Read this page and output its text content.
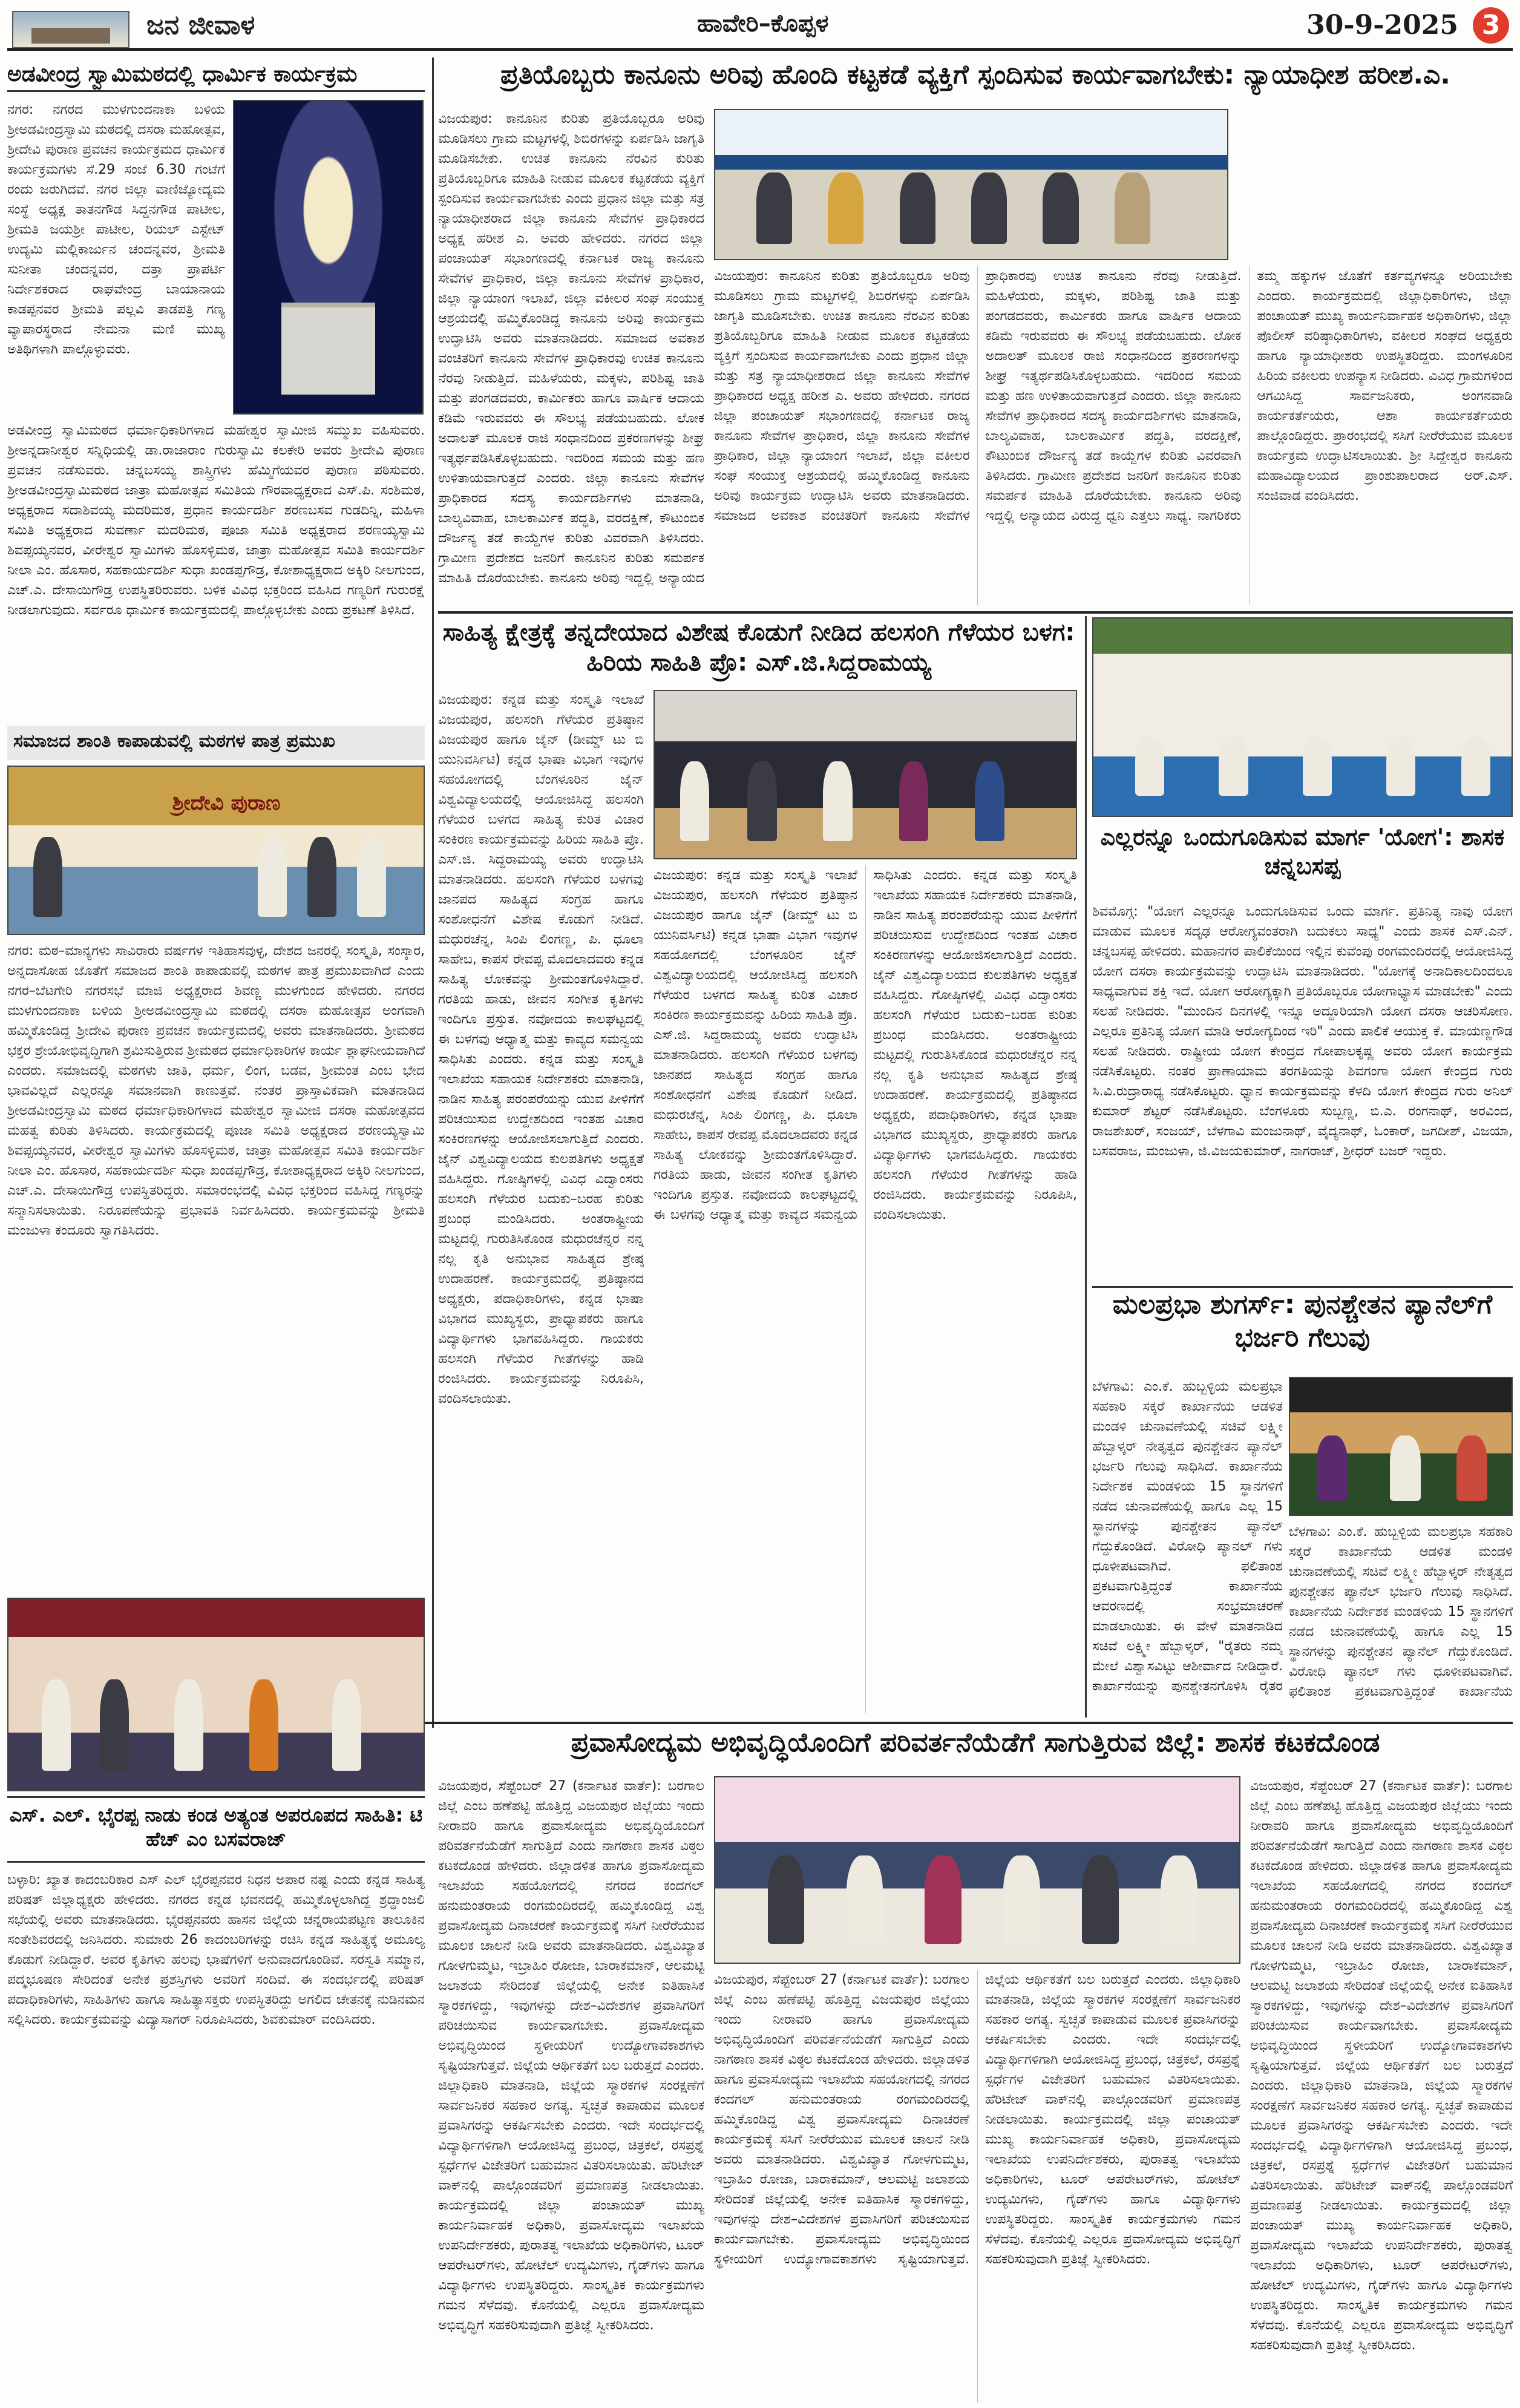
ಜನ ಜೀವಾಳ	ಹಾವೇರಿ–ಕೊಪ್ಪಳ	30-9-2025 3
ಅಡವೀಂದ್ರ ಸ್ವಾಮಿಮಠದಲ್ಲಿ ಧಾರ್ಮಿಕ ಕಾರ್ಯಕ್ರಮ

ನಗರ: ನಗರದ ಮುಳಗುಂದನಾಕಾ ಬಳಿಯ ಶ್ರೀಅಡವೀಂದ್ರಸ್ವಾಮಿ ಮಠದಲ್ಲಿ ದಸರಾ ಮಹೋತ್ಸವ, ಶ್ರೀದೇವಿ ಪುರಾಣ ಪ್ರವಚನ ಕಾರ್ಯಕ್ರಮದ ಧಾರ್ಮಿಕ ಕಾರ್ಯಕ್ರಮಗಳು ಸೆ.29 ಸಂಜೆ 6.30 ಗಂಟೆಗೆ ರಂದು ಜರುಗಿದವೆ. ನಗರ ಜಿಲ್ಲಾ ವಾಣಿಜ್ಯೋದ್ಯಮ ಸಂಸ್ಥೆ ಅಧ್ಯಕ್ಷ ತಾತನಗೌಡ ಸಿದ್ದನಗೌಡ ಪಾಟೀಲ, ಶ್ರೀಮತಿ ಜಯಶ್ರೀ ಪಾಟೀಲ, ರಿಯಲ್ ಎಸ್ಟೇಟ್ ಉದ್ಯಮಿ ಮಲ್ಲಿಕಾರ್ಜುನ ಚಂದನ್ನವರ, ಶ್ರೀಮತಿ ಸುನೀತಾ ಚಂದನ್ನವರ, ದತ್ತಾ ಪ್ರಾಪರ್ಟಿ ನಿರ್ದೇಶಕರಾದ ರಾಘವೇಂದ್ರ ಬಾಯಾನಾಯ ಕಾಡಪ್ಪನವರ ಶ್ರೀಮತಿ ಪಲ್ಲವಿ ತಾಡಪತ್ರಿ ಗಣ್ಯ ವ್ಯಾಪಾರಸ್ಥರಾದ ನೇಮನಾ ಮಣಿ ಮುಖ್ಯ ಅತಿಥಿಗಳಾಗಿ ಪಾಲ್ಗೊಳ್ಳುವರು.

ಅಡವೀಂದ್ರ ಸ್ವಾಮಿಮಠದ ಧರ್ಮಾಧಿಕಾರಿಗಳಾದ ಮಹೇಶ್ವರ ಸ್ವಾಮೀಜಿ ಸಮ್ಮುಖ ವಹಿಸುವರು. ಶ್ರೀಅನ್ನದಾನೀಶ್ವರ ಸನ್ನಿಧಿಯಲ್ಲಿ ಡಾ.ರಾಜಾರಾಂ ಗುರುಸ್ವಾಮಿ ಕಲಕೇರಿ ಅವರು ಶ್ರೀದೇವಿ ಪುರಾಣ ಪ್ರವಚನ ನಡೆಸುವರು. ಚನ್ನಬಸಯ್ಯ ಶಾಸ್ತ್ರಿಗಳು ಹೆಮ್ಮಿಗೆಯವರ ಪುರಾಣ ಪಠಿಸುವರು. ಶ್ರೀಅಡವೀಂದ್ರಸ್ವಾಮಿಮಠದ ಜಾತ್ರಾ ಮಹೋತ್ಸವ ಸಮಿತಿಯ ಗೌರವಾಧ್ಯಕ್ಷರಾದ ಎಸ್.ಪಿ. ಸಂಶಿಮಠ, ಅಧ್ಯಕ್ಷರಾದ ಸದಾಶಿವಯ್ಯ ಮದರಿಮಠ, ಪ್ರಧಾನ ಕಾರ್ಯದರ್ಶಿ ಶರಣಬಸವ ಗುಡದಿನ್ನಿ, ಮಹಿಳಾ ಸಮಿತಿ ಅಧ್ಯಕ್ಷರಾದ ಸುವರ್ಣಾ ಮದರಿಮಠ, ಪೂಜಾ ಸಮಿತಿ ಅಧ್ಯಕ್ಷರಾದ ಶರಣಯ್ಯಸ್ವಾಮಿ ಶಿವಪ್ಪಯ್ಯನವರ, ವೀರೇಶ್ವರ ಸ್ವಾಮಿಗಳು ಹೊಸಳ್ಳಿಮಠ, ಜಾತ್ರಾ ಮಹೋತ್ಸವ ಸಮಿತಿ ಕಾರ್ಯದರ್ಶಿ ನೀಲಾ ಎಂ. ಹೊಸಾರ, ಸಹಕಾರ್ಯದರ್ಶಿ ಸುಧಾ ಖಂಡಪ್ಪಗೌಡ್ರ, ಕೋಶಾಧ್ಯಕ್ಷರಾದ ಅಕ್ಕಿರಿ ನೀಲಗುಂದ, ಎಚ್.ಎ. ದೇಸಾಯಿಗೌಡ್ರ ಉಪಸ್ಥಿತರಿರುವರು. ಬಳಿಕ ವಿವಿಧ ಭಕ್ತರಿಂದ ವಹಿಸಿದ ಗಣ್ಯರಿಗೆ ಗುರುರಕ್ಷೆ ನೀಡಲಾಗುವುದು. ಸರ್ವರೂ ಧಾರ್ಮಿಕ ಕಾರ್ಯಕ್ರಮದಲ್ಲಿ ಪಾಲ್ಗೊಳ್ಳಬೇಕು ಎಂದು ಪ್ರಕಟಣೆ ತಿಳಿಸಿದೆ.

ಸಮಾಜದ ಶಾಂತಿ ಕಾಪಾಡುವಲ್ಲಿ ಮಠಗಳ ಪಾತ್ರ ಪ್ರಮುಖ
ಶ್ರೀದೇವಿ ಪುರಾಣ

ನಗರ: ಮಠ–ಮಾನ್ಯಗಳು ಸಾವಿರಾರು ವರ್ಷಗಳ ಇತಿಹಾಸವುಳ್ಳ, ದೇಶದ ಜನರಲ್ಲಿ ಸಂಸ್ಕೃತಿ, ಸಂಸ್ಕಾರ, ಅನ್ನದಾಸೋಹ ಜೊತೆಗೆ ಸಮಾಜದ ಶಾಂತಿ ಕಾಪಾಡುವಲ್ಲಿ ಮಠಗಳ ಪಾತ್ರ ಪ್ರಮುಖವಾಗಿದೆ ಎಂದು ನಗರ–ಬೆಟಗೇರಿ ನಗರಸಭೆ ಮಾಜಿ ಅಧ್ಯಕ್ಷರಾದ ಶಿವಣ್ಣ ಮುಳಗುಂದ ಹೇಳಿದರು. ನಗರದ ಮುಳಗುಂದನಾಕಾ ಬಳಿಯ ಶ್ರೀಅಡವೀಂದ್ರಸ್ವಾಮಿ ಮಠದಲ್ಲಿ ದಸರಾ ಮಹೋತ್ಸವ ಅಂಗವಾಗಿ ಹಮ್ಮಿಕೊಂಡಿದ್ದ ಶ್ರೀದೇವಿ ಪುರಾಣ ಪ್ರವಚನ ಕಾರ್ಯಕ್ರಮದಲ್ಲಿ ಅವರು ಮಾತನಾಡಿದರು. ಶ್ರೀಮಠದ ಭಕ್ತರ ಶ್ರೇಯೋಭಿವೃದ್ಧಿಗಾಗಿ ಶ್ರಮಿಸುತ್ತಿರುವ ಶ್ರೀಮಠದ ಧರ್ಮಾಧಿಕಾರಿಗಳ ಕಾರ್ಯ ಶ್ಲಾಘನೀಯವಾಗಿದೆ ಎಂದರು. ಸಮಾಜದಲ್ಲಿ ಮಠಗಳು ಜಾತಿ, ಧರ್ಮ, ಲಿಂಗ, ಬಡವ, ಶ್ರೀಮಂತ ಎಂಬ ಭೇದ ಭಾವವಿಲ್ಲದೆ ಎಲ್ಲರನ್ನೂ ಸಮಾನವಾಗಿ ಕಾಣುತ್ತವೆ. ನಂತರ ಪ್ರಾಸ್ತಾವಿಕವಾಗಿ ಮಾತನಾಡಿದ ಶ್ರೀಅಡವೀಂದ್ರಸ್ವಾಮಿ ಮಠದ ಧರ್ಮಾಧಿಕಾರಿಗಳಾದ ಮಹೇಶ್ವರ ಸ್ವಾಮೀಜಿ ದಸರಾ ಮಹೋತ್ಸವದ ಮಹತ್ವ ಕುರಿತು ತಿಳಿಸಿದರು. ಕಾರ್ಯಕ್ರಮದಲ್ಲಿ ಪೂಜಾ ಸಮಿತಿ ಅಧ್ಯಕ್ಷರಾದ ಶರಣಯ್ಯಸ್ವಾಮಿ ಶಿವಪ್ಪಯ್ಯನವರ, ವೀರೇಶ್ವರ ಸ್ವಾಮಿಗಳು ಹೊಸಳ್ಳಿಮಠ, ಜಾತ್ರಾ ಮಹೋತ್ಸವ ಸಮಿತಿ ಕಾರ್ಯದರ್ಶಿ ನೀಲಾ ಎಂ. ಹೊಸಾರ, ಸಹಕಾರ್ಯದರ್ಶಿ ಸುಧಾ ಖಂಡಪ್ಪಗೌಡ್ರ, ಕೋಶಾಧ್ಯಕ್ಷರಾದ ಅಕ್ಕಿರಿ ನೀಲಗುಂದ, ಎಚ್.ಎ. ದೇಸಾಯಿಗೌಡ್ರ ಉಪಸ್ಥಿತರಿದ್ದರು. ಸಮಾರಂಭದಲ್ಲಿ ವಿವಿಧ ಭಕ್ತರಿಂದ ವಹಿಸಿದ್ದ ಗಣ್ಯರನ್ನು ಸನ್ಮಾನಿಸಲಾಯಿತು. ನಿರೂಪಣೆಯನ್ನು ಪ್ರಭಾವತಿ ನಿರ್ವಹಿಸಿದರು. ಕಾರ್ಯಕ್ರಮವನ್ನು ಶ್ರೀಮತಿ ಮಂಜುಳಾ ಕಂದೂರು ಸ್ವಾಗತಿಸಿದರು.

ಎಸ್. ಎಲ್. ಭೈರಪ್ಪ ನಾಡು ಕಂಡ ಅತ್ಯಂತ ಅಪರೂಪದ ಸಾಹಿತಿ: ಟಿ ಹೆಚ್ ಎಂ ಬಸವರಾಜ್

ಬಳ್ಳಾರಿ: ಖ್ಯಾತ ಕಾದಂಬರಿಕಾರ ಎಸ್ ಎಲ್ ಭೈರಪ್ಪನವರ ನಿಧನ ಅಪಾರ ನಷ್ಟ ಎಂದು ಕನ್ನಡ ಸಾಹಿತ್ಯ ಪರಿಷತ್ ಜಿಲ್ಲಾಧ್ಯಕ್ಷರು ಹೇಳಿದರು. ನಗರದ ಕನ್ನಡ ಭವನದಲ್ಲಿ ಹಮ್ಮಿಕೊಳ್ಳಲಾಗಿದ್ದ ಶ್ರದ್ಧಾಂಜಲಿ ಸಭೆಯಲ್ಲಿ ಅವರು ಮಾತನಾಡಿದರು. ಭೈರಪ್ಪನವರು ಹಾಸನ ಜಿಲ್ಲೆಯ ಚನ್ನರಾಯಪಟ್ಟಣ ತಾಲೂಕಿನ ಸಂತೇಶಿವರದಲ್ಲಿ ಜನಿಸಿದರು. ಸುಮಾರು 26 ಕಾದಂಬರಿಗಳನ್ನು ರಚಿಸಿ ಕನ್ನಡ ಸಾಹಿತ್ಯಕ್ಕೆ ಅಮೂಲ್ಯ ಕೊಡುಗೆ ನೀಡಿದ್ದಾರೆ. ಅವರ ಕೃತಿಗಳು ಹಲವು ಭಾಷೆಗಳಿಗೆ ಅನುವಾದಗೊಂಡಿವೆ. ಸರಸ್ವತಿ ಸಮ್ಮಾನ, ಪದ್ಮಭೂಷಣ ಸೇರಿದಂತೆ ಅನೇಕ ಪ್ರಶಸ್ತಿಗಳು ಅವರಿಗೆ ಸಂದಿವೆ. ಈ ಸಂದರ್ಭದಲ್ಲಿ ಪರಿಷತ್ ಪದಾಧಿಕಾರಿಗಳು, ಸಾಹಿತಿಗಳು ಹಾಗೂ ಸಾಹಿತ್ಯಾಸಕ್ತರು ಉಪಸ್ಥಿತರಿದ್ದು ಅಗಲಿದ ಚೇತನಕ್ಕೆ ನುಡಿನಮನ ಸಲ್ಲಿಸಿದರು. ಕಾರ್ಯಕ್ರಮವನ್ನು ವಿದ್ಯಾಸಾಗರ್ ನಿರೂಪಿಸಿದರು, ಶಿವಕುಮಾರ್ ವಂದಿಸಿದರು.

ಪ್ರತಿಯೊಬ್ಬರು ಕಾನೂನು ಅರಿವು ಹೊಂದಿ ಕಟ್ಟಕಡೆ ವ್ಯಕ್ತಿಗೆ ಸ್ಪಂದಿಸುವ ಕಾರ್ಯವಾಗಬೇಕು: ನ್ಯಾಯಾಧೀಶ ಹರೀಶ.ಎ.

ವಿಜಯಪುರ: ಕಾನೂನಿನ ಕುರಿತು ಪ್ರತಿಯೊಬ್ಬರೂ ಅರಿವು ಮೂಡಿಸಲು ಗ್ರಾಮ ಮಟ್ಟಗಳಲ್ಲಿ ಶಿಬಿರಗಳನ್ನು ಏರ್ಪಡಿಸಿ ಜಾಗೃತಿ ಮೂಡಿಸಬೇಕು. ಉಚಿತ ಕಾನೂನು ನೆರವಿನ ಕುರಿತು ಪ್ರತಿಯೊಬ್ಬರಿಗೂ ಮಾಹಿತಿ ನೀಡುವ ಮೂಲಕ ಕಟ್ಟಕಡೆಯ ವ್ಯಕ್ತಿಗೆ ಸ್ಪಂದಿಸುವ ಕಾರ್ಯವಾಗಬೇಕು ಎಂದು ಪ್ರಧಾನ ಜಿಲ್ಲಾ ಮತ್ತು ಸತ್ರ ನ್ಯಾಯಾಧೀಶರಾದ ಜಿಲ್ಲಾ ಕಾನೂನು ಸೇವೆಗಳ ಪ್ರಾಧಿಕಾರದ ಅಧ್ಯಕ್ಷ ಹರೀಶ ಎ. ಅವರು ಹೇಳಿದರು. ನಗರದ ಜಿಲ್ಲಾ ಪಂಚಾಯತ್ ಸಭಾಂಗಣದಲ್ಲಿ ಕರ್ನಾಟಕ ರಾಜ್ಯ ಕಾನೂನು ಸೇವೆಗಳ ಪ್ರಾಧಿಕಾರ, ಜಿಲ್ಲಾ ಕಾನೂನು ಸೇವೆಗಳ ಪ್ರಾಧಿಕಾರ, ಜಿಲ್ಲಾ ನ್ಯಾಯಾಂಗ ಇಲಾಖೆ, ಜಿಲ್ಲಾ ವಕೀಲರ ಸಂಘ ಸಂಯುಕ್ತ ಆಶ್ರಯದಲ್ಲಿ ಹಮ್ಮಿಕೊಂಡಿದ್ದ ಕಾನೂನು ಅರಿವು ಕಾರ್ಯಕ್ರಮ ಉದ್ಘಾಟಿಸಿ ಅವರು ಮಾತನಾಡಿದರು. ಸಮಾಜದ ಅವಕಾಶ ವಂಚಿತರಿಗೆ ಕಾನೂನು ಸೇವೆಗಳ ಪ್ರಾಧಿಕಾರವು ಉಚಿತ ಕಾನೂನು ನೆರವು ನೀಡುತ್ತಿದೆ. ಮಹಿಳೆಯರು, ಮಕ್ಕಳು, ಪರಿಶಿಷ್ಟ ಜಾತಿ ಮತ್ತು ಪಂಗಡದವರು, ಕಾರ್ಮಿಕರು ಹಾಗೂ ವಾರ್ಷಿಕ ಆದಾಯ ಕಡಿಮೆ ಇರುವವರು ಈ ಸೌಲಭ್ಯ ಪಡೆಯಬಹುದು. ಲೋಕ ಅದಾಲತ್ ಮೂಲಕ ರಾಜಿ ಸಂಧಾನದಿಂದ ಪ್ರಕರಣಗಳನ್ನು ಶೀಘ್ರ ಇತ್ಯರ್ಥಪಡಿಸಿಕೊಳ್ಳಬಹುದು. ಇದರಿಂದ ಸಮಯ ಮತ್ತು ಹಣ ಉಳಿತಾಯವಾಗುತ್ತದೆ ಎಂದರು. ಜಿಲ್ಲಾ ಕಾನೂನು ಸೇವೆಗಳ ಪ್ರಾಧಿಕಾರದ ಸದಸ್ಯ ಕಾರ್ಯದರ್ಶಿಗಳು ಮಾತನಾಡಿ, ಬಾಲ್ಯವಿವಾಹ, ಬಾಲಕಾರ್ಮಿಕ ಪದ್ಧತಿ, ವರದಕ್ಷಿಣೆ, ಕೌಟುಂಬಿಕ ದೌರ್ಜನ್ಯ ತಡೆ ಕಾಯ್ದೆಗಳ ಕುರಿತು ವಿವರವಾಗಿ ತಿಳಿಸಿದರು. ಗ್ರಾಮೀಣ ಪ್ರದೇಶದ ಜನರಿಗೆ ಕಾನೂನಿನ ಕುರಿತು ಸಮರ್ಪಕ ಮಾಹಿತಿ ದೊರೆಯಬೇಕು. ಕಾನೂನು ಅರಿವು ಇದ್ದಲ್ಲಿ ಅನ್ಯಾಯದ

ವಿಜಯಪುರ: ಕಾನೂನಿನ ಕುರಿತು ಪ್ರತಿಯೊಬ್ಬರೂ ಅರಿವು ಮೂಡಿಸಲು ಗ್ರಾಮ ಮಟ್ಟಗಳಲ್ಲಿ ಶಿಬಿರಗಳನ್ನು ಏರ್ಪಡಿಸಿ ಜಾಗೃತಿ ಮೂಡಿಸಬೇಕು. ಉಚಿತ ಕಾನೂನು ನೆರವಿನ ಕುರಿತು ಪ್ರತಿಯೊಬ್ಬರಿಗೂ ಮಾಹಿತಿ ನೀಡುವ ಮೂಲಕ ಕಟ್ಟಕಡೆಯ ವ್ಯಕ್ತಿಗೆ ಸ್ಪಂದಿಸುವ ಕಾರ್ಯವಾಗಬೇಕು ಎಂದು ಪ್ರಧಾನ ಜಿಲ್ಲಾ ಮತ್ತು ಸತ್ರ ನ್ಯಾಯಾಧೀಶರಾದ ಜಿಲ್ಲಾ ಕಾನೂನು ಸೇವೆಗಳ ಪ್ರಾಧಿಕಾರದ ಅಧ್ಯಕ್ಷ ಹರೀಶ ಎ. ಅವರು ಹೇಳಿದರು. ನಗರದ ಜಿಲ್ಲಾ ಪಂಚಾಯತ್ ಸಭಾಂಗಣದಲ್ಲಿ ಕರ್ನಾಟಕ ರಾಜ್ಯ ಕಾನೂನು ಸೇವೆಗಳ ಪ್ರಾಧಿಕಾರ, ಜಿಲ್ಲಾ ಕಾನೂನು ಸೇವೆಗಳ ಪ್ರಾಧಿಕಾರ, ಜಿಲ್ಲಾ ನ್ಯಾಯಾಂಗ ಇಲಾಖೆ, ಜಿಲ್ಲಾ ವಕೀಲರ ಸಂಘ ಸಂಯುಕ್ತ ಆಶ್ರಯದಲ್ಲಿ ಹಮ್ಮಿಕೊಂಡಿದ್ದ ಕಾನೂನು ಅರಿವು ಕಾರ್ಯಕ್ರಮ ಉದ್ಘಾಟಿಸಿ ಅವರು ಮಾತನಾಡಿದರು. ಸಮಾಜದ ಅವಕಾಶ ವಂಚಿತರಿಗೆ ಕಾನೂನು ಸೇವೆಗಳ ಪ್ರಾಧಿಕಾರವು ಉಚಿತ ಕಾನೂನು ನೆರವು ನೀಡುತ್ತಿದೆ. ಮಹಿಳೆಯರು, ಮಕ್ಕಳು, ಪರಿಶಿಷ್ಟ ಜಾತಿ ಮತ್ತು ಪಂಗಡದವರು, ಕಾರ್ಮಿಕರು ಹಾಗೂ ವಾರ್ಷಿಕ ಆದಾಯ ಕಡಿಮೆ ಇರುವವರು ಈ ಸೌಲಭ್ಯ ಪಡೆಯಬಹುದು. ಲೋಕ ಅದಾಲತ್ ಮೂಲಕ ರಾಜಿ ಸಂಧಾನದಿಂದ ಪ್ರಕರಣಗಳನ್ನು ಶೀಘ್ರ ಇತ್ಯರ್ಥಪಡಿಸಿಕೊಳ್ಳಬಹುದು. ಇದರಿಂದ ಸಮಯ ಮತ್ತು ಹಣ ಉಳಿತಾಯವಾಗುತ್ತದೆ ಎಂದರು. ಜಿಲ್ಲಾ ಕಾನೂನು ಸೇವೆಗಳ ಪ್ರಾಧಿಕಾರದ ಸದಸ್ಯ ಕಾರ್ಯದರ್ಶಿಗಳು ಮಾತನಾಡಿ, ಬಾಲ್ಯವಿವಾಹ, ಬಾಲಕಾರ್ಮಿಕ ಪದ್ಧತಿ, ವರದಕ್ಷಿಣೆ, ಕೌಟುಂಬಿಕ ದೌರ್ಜನ್ಯ ತಡೆ ಕಾಯ್ದೆಗಳ ಕುರಿತು ವಿವರವಾಗಿ ತಿಳಿಸಿದರು. ಗ್ರಾಮೀಣ ಪ್ರದೇಶದ ಜನರಿಗೆ ಕಾನೂನಿನ ಕುರಿತು ಸಮರ್ಪಕ ಮಾಹಿತಿ ದೊರೆಯಬೇಕು. ಕಾನೂನು ಅರಿವು ಇದ್ದಲ್ಲಿ ಅನ್ಯಾಯದ ವಿರುದ್ಧ ಧ್ವನಿ ಎತ್ತಲು ಸಾಧ್ಯ. ನಾಗರಿಕರು ತಮ್ಮ ಹಕ್ಕುಗಳ ಜೊತೆಗೆ ಕರ್ತವ್ಯಗಳನ್ನೂ ಅರಿಯಬೇಕು ಎಂದರು. ಕಾರ್ಯಕ್ರಮದಲ್ಲಿ ಜಿಲ್ಲಾಧಿಕಾರಿಗಳು, ಜಿಲ್ಲಾ ಪಂಚಾಯತ್ ಮುಖ್ಯ ಕಾರ್ಯನಿರ್ವಾಹಕ ಅಧಿಕಾರಿಗಳು, ಜಿಲ್ಲಾ ಪೊಲೀಸ್ ವರಿಷ್ಠಾಧಿಕಾರಿಗಳು, ವಕೀಲರ ಸಂಘದ ಅಧ್ಯಕ್ಷರು ಹಾಗೂ ನ್ಯಾಯಾಧೀಶರು ಉಪಸ್ಥಿತರಿದ್ದರು. ಮಂಗಳೂರಿನ ಹಿರಿಯ ವಕೀಲರು ಉಪನ್ಯಾಸ ನೀಡಿದರು. ವಿವಿಧ ಗ್ರಾಮಗಳಿಂದ ಆಗಮಿಸಿದ್ದ ಸಾರ್ವಜನಿಕರು, ಅಂಗನವಾಡಿ ಕಾರ್ಯಕರ್ತೆಯರು, ಆಶಾ ಕಾರ್ಯಕರ್ತೆಯರು ಪಾಲ್ಗೊಂಡಿದ್ದರು. ಪ್ರಾರಂಭದಲ್ಲಿ ಸಸಿಗೆ ನೀರೆರೆಯುವ ಮೂಲಕ ಕಾರ್ಯಕ್ರಮ ಉದ್ಘಾಟಿಸಲಾಯಿತು. ಶ್ರೀ ಸಿದ್ದೇಶ್ವರ ಕಾನೂನು ಮಹಾವಿದ್ಯಾಲಯದ ಪ್ರಾಂಶುಪಾಲರಾದ ಅರ್.ಎಸ್. ಸಂಜಿವಾಡ ವಂದಿಸಿದರು.

ಸಾಹಿತ್ಯ ಕ್ಷೇತ್ರಕ್ಕೆ ತನ್ನದೇಯಾದ ವಿಶೇಷ ಕೊಡುಗೆ ನೀಡಿದ ಹಲಸಂಗಿ ಗೆಳೆಯರ ಬಳಗ: ಹಿರಿಯ ಸಾಹಿತಿ ಪ್ರೊ: ಎಸ್.ಜಿ.ಸಿದ್ದರಾಮಯ್ಯ

ವಿಜಯಪುರ: ಕನ್ನಡ ಮತ್ತು ಸಂಸ್ಕೃತಿ ಇಲಾಖೆ ವಿಜಯಪುರ, ಹಲಸಂಗಿ ಗೆಳೆಯರ ಪ್ರತಿಷ್ಠಾನ ವಿಜಯಪುರ ಹಾಗೂ ಜೈನ್ (ಡೀಮ್ಡ್ ಟು ಬಿ ಯುನಿವರ್ಸಿಟಿ) ಕನ್ನಡ ಭಾಷಾ ವಿಭಾಗ ಇವುಗಳ ಸಹಯೋಗದಲ್ಲಿ ಬೆಂಗಳೂರಿನ ಜೈನ್ ವಿಶ್ವವಿದ್ಯಾಲಯದಲ್ಲಿ ಆಯೋಜಿಸಿದ್ದ ಹಲಸಂಗಿ ಗೆಳೆಯರ ಬಳಗದ ಸಾಹಿತ್ಯ ಕುರಿತ ವಿಚಾರ ಸಂಕಿರಣ ಕಾರ್ಯಕ್ರಮವನ್ನು ಹಿರಿಯ ಸಾಹಿತಿ ಪ್ರೊ. ಎಸ್.ಜಿ. ಸಿದ್ದರಾಮಯ್ಯ ಅವರು ಉದ್ಘಾಟಿಸಿ ಮಾತನಾಡಿದರು. ಹಲಸಂಗಿ ಗೆಳೆಯರ ಬಳಗವು ಜಾನಪದ ಸಾಹಿತ್ಯದ ಸಂಗ್ರಹ ಹಾಗೂ ಸಂಶೋಧನೆಗೆ ವಿಶೇಷ ಕೊಡುಗೆ ನೀಡಿದೆ. ಮಧುರಚೆನ್ನ, ಸಿಂಪಿ ಲಿಂಗಣ್ಣ, ಪಿ. ಧೂಲಾ ಸಾಹೇಬ, ಕಾಪಸೆ ರೇವಪ್ಪ ಮೊದಲಾದವರು ಕನ್ನಡ ಸಾಹಿತ್ಯ ಲೋಕವನ್ನು ಶ್ರೀಮಂತಗೊಳಿಸಿದ್ದಾರೆ. ಗರತಿಯ ಹಾಡು, ಜೀವನ ಸಂಗೀತ ಕೃತಿಗಳು ಇಂದಿಗೂ ಪ್ರಸ್ತುತ. ನವೋದಯ ಕಾಲಘಟ್ಟದಲ್ಲಿ ಈ ಬಳಗವು ಆಧ್ಯಾತ್ಮ ಮತ್ತು ಕಾವ್ಯದ ಸಮನ್ವಯ ಸಾಧಿಸಿತು ಎಂದರು. ಕನ್ನಡ ಮತ್ತು ಸಂಸ್ಕೃತಿ ಇಲಾಖೆಯ ಸಹಾಯಕ ನಿರ್ದೇಶಕರು ಮಾತನಾಡಿ, ನಾಡಿನ ಸಾಹಿತ್ಯ ಪರಂಪರೆಯನ್ನು ಯುವ ಪೀಳಿಗೆಗೆ ಪರಿಚಯಿಸುವ ಉದ್ದೇಶದಿಂದ ಇಂತಹ ವಿಚಾರ ಸಂಕಿರಣಗಳನ್ನು ಆಯೋಜಿಸಲಾಗುತ್ತಿದೆ ಎಂದರು. ಜೈನ್ ವಿಶ್ವವಿದ್ಯಾಲಯದ ಕುಲಪತಿಗಳು ಅಧ್ಯಕ್ಷತೆ ವಹಿಸಿದ್ದರು. ಗೋಷ್ಠಿಗಳಲ್ಲಿ ವಿವಿಧ ವಿದ್ವಾಂಸರು ಹಲಸಂಗಿ ಗೆಳೆಯರ ಬದುಕು–ಬರಹ ಕುರಿತು ಪ್ರಬಂಧ ಮಂಡಿಸಿದರು. ಅಂತರಾಷ್ಟ್ರೀಯ ಮಟ್ಟದಲ್ಲಿ ಗುರುತಿಸಿಕೊಂಡ ಮಧುರಚೆನ್ನರ ನನ್ನ ನಲ್ಲ ಕೃತಿ ಅನುಭಾವ ಸಾಹಿತ್ಯದ ಶ್ರೇಷ್ಠ ಉದಾಹರಣೆ. ಕಾರ್ಯಕ್ರಮದಲ್ಲಿ ಪ್ರತಿಷ್ಠಾನದ ಅಧ್ಯಕ್ಷರು, ಪದಾಧಿಕಾರಿಗಳು, ಕನ್ನಡ ಭಾಷಾ ವಿಭಾಗದ ಮುಖ್ಯಸ್ಥರು, ಪ್ರಾಧ್ಯಾಪಕರು ಹಾಗೂ ವಿದ್ಯಾರ್ಥಿಗಳು ಭಾಗವಹಿಸಿದ್ದರು. ಗಾಯಕರು ಹಲಸಂಗಿ ಗೆಳೆಯರ ಗೀತೆಗಳನ್ನು ಹಾಡಿ ರಂಜಿಸಿದರು. ಕಾರ್ಯಕ್ರಮವನ್ನು ನಿರೂಪಿಸಿ, ವಂದಿಸಲಾಯಿತು.

ವಿಜಯಪುರ: ಕನ್ನಡ ಮತ್ತು ಸಂಸ್ಕೃತಿ ಇಲಾಖೆ ವಿಜಯಪುರ, ಹಲಸಂಗಿ ಗೆಳೆಯರ ಪ್ರತಿಷ್ಠಾನ ವಿಜಯಪುರ ಹಾಗೂ ಜೈನ್ (ಡೀಮ್ಡ್ ಟು ಬಿ ಯುನಿವರ್ಸಿಟಿ) ಕನ್ನಡ ಭಾಷಾ ವಿಭಾಗ ಇವುಗಳ ಸಹಯೋಗದಲ್ಲಿ ಬೆಂಗಳೂರಿನ ಜೈನ್ ವಿಶ್ವವಿದ್ಯಾಲಯದಲ್ಲಿ ಆಯೋಜಿಸಿದ್ದ ಹಲಸಂಗಿ ಗೆಳೆಯರ ಬಳಗದ ಸಾಹಿತ್ಯ ಕುರಿತ ವಿಚಾರ ಸಂಕಿರಣ ಕಾರ್ಯಕ್ರಮವನ್ನು ಹಿರಿಯ ಸಾಹಿತಿ ಪ್ರೊ. ಎಸ್.ಜಿ. ಸಿದ್ದರಾಮಯ್ಯ ಅವರು ಉದ್ಘಾಟಿಸಿ ಮಾತನಾಡಿದರು. ಹಲಸಂಗಿ ಗೆಳೆಯರ ಬಳಗವು ಜಾನಪದ ಸಾಹಿತ್ಯದ ಸಂಗ್ರಹ ಹಾಗೂ ಸಂಶೋಧನೆಗೆ ವಿಶೇಷ ಕೊಡುಗೆ ನೀಡಿದೆ. ಮಧುರಚೆನ್ನ, ಸಿಂಪಿ ಲಿಂಗಣ್ಣ, ಪಿ. ಧೂಲಾ ಸಾಹೇಬ, ಕಾಪಸೆ ರೇವಪ್ಪ ಮೊದಲಾದವರು ಕನ್ನಡ ಸಾಹಿತ್ಯ ಲೋಕವನ್ನು ಶ್ರೀಮಂತಗೊಳಿಸಿದ್ದಾರೆ. ಗರತಿಯ ಹಾಡು, ಜೀವನ ಸಂಗೀತ ಕೃತಿಗಳು ಇಂದಿಗೂ ಪ್ರಸ್ತುತ. ನವೋದಯ ಕಾಲಘಟ್ಟದಲ್ಲಿ ಈ ಬಳಗವು ಆಧ್ಯಾತ್ಮ ಮತ್ತು ಕಾವ್ಯದ ಸಮನ್ವಯ ಸಾಧಿಸಿತು ಎಂದರು. ಕನ್ನಡ ಮತ್ತು ಸಂಸ್ಕೃತಿ ಇಲಾಖೆಯ ಸಹಾಯಕ ನಿರ್ದೇಶಕರು ಮಾತನಾಡಿ, ನಾಡಿನ ಸಾಹಿತ್ಯ ಪರಂಪರೆಯನ್ನು ಯುವ ಪೀಳಿಗೆಗೆ ಪರಿಚಯಿಸುವ ಉದ್ದೇಶದಿಂದ ಇಂತಹ ವಿಚಾರ ಸಂಕಿರಣಗಳನ್ನು ಆಯೋಜಿಸಲಾಗುತ್ತಿದೆ ಎಂದರು. ಜೈನ್ ವಿಶ್ವವಿದ್ಯಾಲಯದ ಕುಲಪತಿಗಳು ಅಧ್ಯಕ್ಷತೆ ವಹಿಸಿದ್ದರು. ಗೋಷ್ಠಿಗಳಲ್ಲಿ ವಿವಿಧ ವಿದ್ವಾಂಸರು ಹಲಸಂಗಿ ಗೆಳೆಯರ ಬದುಕು–ಬರಹ ಕುರಿತು ಪ್ರಬಂಧ ಮಂಡಿಸಿದರು. ಅಂತರಾಷ್ಟ್ರೀಯ ಮಟ್ಟದಲ್ಲಿ ಗುರುತಿಸಿಕೊಂಡ ಮಧುರಚೆನ್ನರ ನನ್ನ ನಲ್ಲ ಕೃತಿ ಅನುಭಾವ ಸಾಹಿತ್ಯದ ಶ್ರೇಷ್ಠ ಉದಾಹರಣೆ. ಕಾರ್ಯಕ್ರಮದಲ್ಲಿ ಪ್ರತಿಷ್ಠಾನದ ಅಧ್ಯಕ್ಷರು, ಪದಾಧಿಕಾರಿಗಳು, ಕನ್ನಡ ಭಾಷಾ ವಿಭಾಗದ ಮುಖ್ಯಸ್ಥರು, ಪ್ರಾಧ್ಯಾಪಕರು ಹಾಗೂ ವಿದ್ಯಾರ್ಥಿಗಳು ಭಾಗವಹಿಸಿದ್ದರು. ಗಾಯಕರು ಹಲಸಂಗಿ ಗೆಳೆಯರ ಗೀತೆಗಳನ್ನು ಹಾಡಿ ರಂಜಿಸಿದರು. ಕಾರ್ಯಕ್ರಮವನ್ನು ನಿರೂಪಿಸಿ, ವಂದಿಸಲಾಯಿತು.

ಎಲ್ಲರನ್ನೂ ಒಂದುಗೂಡಿಸುವ ಮಾರ್ಗ 'ಯೋಗ': ಶಾಸಕ ಚನ್ನಬಸಪ್ಪ

ಶಿವಮೊಗ್ಗ: "ಯೋಗ ಎಲ್ಲರನ್ನೂ ಒಂದುಗೂಡಿಸುವ ಒಂದು ಮಾರ್ಗ. ಪ್ರತಿನಿತ್ಯ ನಾವು ಯೋಗ ಮಾಡುವ ಮೂಲಕ ಸದೃಢ ಆರೋಗ್ಯವಂತರಾಗಿ ಬದುಕಲು ಸಾಧ್ಯ" ಎಂದು ಶಾಸಕ ಎಸ್.ಎನ್. ಚನ್ನಬಸಪ್ಪ ಹೇಳಿದರು. ಮಹಾನಗರ ಪಾಲಿಕೆಯಿಂದ ಇಲ್ಲಿನ ಕುವೆಂಪು ರಂಗಮಂದಿರದಲ್ಲಿ ಆಯೋಜಿಸಿದ್ದ ಯೋಗ ದಸರಾ ಕಾರ್ಯಕ್ರಮವನ್ನು ಉದ್ಘಾಟಿಸಿ ಮಾತನಾಡಿದರು. "ಯೋಗಕ್ಕೆ ಅನಾದಿಕಾಲದಿಂದಲೂ ಸಾಧ್ಯವಾಗುವ ಶಕ್ತಿ ಇದೆ. ಯೋಗ ಆರೋಗ್ಯಕ್ಕಾಗಿ ಪ್ರತಿಯೊಬ್ಬರೂ ಯೋಗಾಭ್ಯಾಸ ಮಾಡಬೇಕು" ಎಂದು ಸಲಹೆ ನೀಡಿದರು. "ಮುಂದಿನ ದಿನಗಳಲ್ಲಿ ಇನ್ನೂ ಅದ್ದೂರಿಯಾಗಿ ಯೋಗ ದಸರಾ ಆಚರಿಸೋಣ. ಎಲ್ಲರೂ ಪ್ರತಿನಿತ್ಯ ಯೋಗ ಮಾಡಿ ಆರೋಗ್ಯದಿಂದ ಇರಿ" ಎಂದು ಪಾಲಿಕೆ ಆಯುಕ್ತ ಕೆ. ಮಾಯಣ್ಣಗೌಡ ಸಲಹೆ ನೀಡಿದರು. ರಾಷ್ಟ್ರೀಯ ಯೋಗ ಕೇಂದ್ರದ ಗೋಪಾಲಕೃಷ್ಣ ಅವರು ಯೋಗ ಕಾರ್ಯಕ್ರಮ ನಡೆಸಿಕೊಟ್ಟರು. ನಂತರ ಪ್ರಾಣಾಯಾಮ ತರಗತಿಯನ್ನು ಶಿವಗಂಗಾ ಯೋಗ ಕೇಂದ್ರದ ಗುರು ಸಿ.ವಿ.ರುದ್ರಾರಾಧ್ಯ ನಡೆಸಿಕೊಟ್ಟರು. ಧ್ಯಾನ ಕಾರ್ಯಕ್ರಮವನ್ನು ಕೆಳದಿ ಯೋಗ ಕೇಂದ್ರದ ಗುರು ಅನಿಲ್ ಕುಮಾರ್ ಶೆಟ್ಟರ್ ನಡೆಸಿಕೊಟ್ಟರು. ಬೆಂಗಳೂರು ಸುಬ್ಬಣ್ಣ, ಬಿ.ಎ. ರಂಗನಾಥ್, ಅರವಿಂದ, ರಾಜಶೇಖರ್, ಸಂಜಯ್, ಬೆಳಗಾವಿ ಮಂಜುನಾಥ್, ವೈದ್ಯನಾಥ್, ಓಂಕಾರ್, ಜಗದೀಶ್, ವಿಜಯಾ, ಬಸವರಾಜ, ಮಂಜುಳಾ, ಜಿ.ವಿಜಯಕುಮಾರ್, ನಾಗರಾಜ್, ಶ್ರೀಧರ್ ಬಜರ್ ಇದ್ದರು.

ಮಲಪ್ರಭಾ ಶುಗರ್ಸ್: ಪುನಶ್ಚೇತನ ಪ್ಯಾನೆಲ್‌ಗೆ ಭರ್ಜರಿ ಗೆಲುವು

ಬೆಳಗಾವಿ: ಎಂ.ಕೆ. ಹುಬ್ಬಳ್ಳಿಯ ಮಲಪ್ರಭಾ ಸಹಕಾರಿ ಸಕ್ಕರೆ ಕಾರ್ಖಾನೆಯ ಆಡಳಿತ ಮಂಡಳಿ ಚುನಾವಣೆಯಲ್ಲಿ ಸಚಿವೆ ಲಕ್ಷ್ಮೀ ಹೆಬ್ಬಾಳ್ಕರ್ ನೇತೃತ್ವದ ಪುನಶ್ಚೇತನ ಪ್ಯಾನೆಲ್ ಭರ್ಜರಿ ಗೆಲುವು ಸಾಧಿಸಿದೆ. ಕಾರ್ಖಾನೆಯ ನಿರ್ದೇಶಕ ಮಂಡಳಿಯ 15 ಸ್ಥಾನಗಳಿಗೆ ನಡೆದ ಚುನಾವಣೆಯಲ್ಲಿ ಹಾಗೂ ಎಲ್ಲ 15 ಸ್ಥಾನಗಳನ್ನು ಪುನಶ್ಚೇತನ ಪ್ಯಾನೆಲ್ ಗೆದ್ದುಕೊಂಡಿದೆ. ವಿರೋಧಿ ಪ್ಯಾನಲ್ ಗಳು ಧೂಳೀಪಟವಾಗಿವೆ. ಫಲಿತಾಂಶ ಪ್ರಕಟವಾಗುತ್ತಿದ್ದಂತೆ ಕಾರ್ಖಾನೆಯ ಆವರಣದಲ್ಲಿ ಸಂಭ್ರಮಾಚರಣೆ ಮಾಡಲಾಯಿತು. ಈ ವೇಳೆ ಮಾತನಾಡಿದ ಸಚಿವೆ ಲಕ್ಷ್ಮೀ ಹೆಬ್ಬಾಳ್ಕರ್, "ರೈತರು ನಮ್ಮ ಮೇಲೆ ವಿಶ್ವಾಸವಿಟ್ಟು ಆಶೀರ್ವಾದ ನೀಡಿದ್ದಾರೆ. ಕಾರ್ಖಾನೆಯನ್ನು ಪುನಶ್ಚೇತನಗೊಳಿಸಿ ರೈತರ

ಬೆಳಗಾವಿ: ಎಂ.ಕೆ. ಹುಬ್ಬಳ್ಳಿಯ ಮಲಪ್ರಭಾ ಸಹಕಾರಿ ಸಕ್ಕರೆ ಕಾರ್ಖಾನೆಯ ಆಡಳಿತ ಮಂಡಳಿ ಚುನಾವಣೆಯಲ್ಲಿ ಸಚಿವೆ ಲಕ್ಷ್ಮೀ ಹೆಬ್ಬಾಳ್ಕರ್ ನೇತೃತ್ವದ ಪುನಶ್ಚೇತನ ಪ್ಯಾನೆಲ್ ಭರ್ಜರಿ ಗೆಲುವು ಸಾಧಿಸಿದೆ. ಕಾರ್ಖಾನೆಯ ನಿರ್ದೇಶಕ ಮಂಡಳಿಯ 15 ಸ್ಥಾನಗಳಿಗೆ ನಡೆದ ಚುನಾವಣೆಯಲ್ಲಿ ಹಾಗೂ ಎಲ್ಲ 15 ಸ್ಥಾನಗಳನ್ನು ಪುನಶ್ಚೇತನ ಪ್ಯಾನೆಲ್ ಗೆದ್ದುಕೊಂಡಿದೆ. ವಿರೋಧಿ ಪ್ಯಾನಲ್ ಗಳು ಧೂಳೀಪಟವಾಗಿವೆ. ಫಲಿತಾಂಶ ಪ್ರಕಟವಾಗುತ್ತಿದ್ದಂತೆ ಕಾರ್ಖಾನೆಯ

ಪ್ರವಾಸೋದ್ಯಮ ಅಭಿವೃದ್ಧಿಯೊಂದಿಗೆ ಪರಿವರ್ತನೆಯೆಡೆಗೆ ಸಾಗುತ್ತಿರುವ ಜಿಲ್ಲೆ: ಶಾಸಕ ಕಟಕದೊಂಡ

ವಿಜಯಪುರ, ಸೆಪ್ಟೆಂಬರ್ 27 (ಕರ್ನಾಟಕ ವಾರ್ತೆ): ಬರಗಾಲ ಜಿಲ್ಲೆ ಎಂಬ ಹಣೆಪಟ್ಟಿ ಹೊತ್ತಿದ್ದ ವಿಜಯಪುರ ಜಿಲ್ಲೆಯು ಇಂದು ನೀರಾವರಿ ಹಾಗೂ ಪ್ರವಾಸೋದ್ಯಮ ಅಭಿವೃದ್ಧಿಯೊಂದಿಗೆ ಪರಿವರ್ತನೆಯೆಡೆಗೆ ಸಾಗುತ್ತಿದೆ ಎಂದು ನಾಗಠಾಣ ಶಾಸಕ ವಿಠ್ಠಲ ಕಟಕದೊಂಡ ಹೇಳಿದರು. ಜಿಲ್ಲಾಡಳಿತ ಹಾಗೂ ಪ್ರವಾಸೋದ್ಯಮ ಇಲಾಖೆಯ ಸಹಯೋಗದಲ್ಲಿ ನಗರದ ಕಂದಗಲ್ ಹನುಮಂತರಾಯ ರಂಗಮಂದಿರದಲ್ಲಿ ಹಮ್ಮಿಕೊಂಡಿದ್ದ ವಿಶ್ವ ಪ್ರವಾಸೋದ್ಯಮ ದಿನಾಚರಣೆ ಕಾರ್ಯಕ್ರಮಕ್ಕೆ ಸಸಿಗೆ ನೀರೆರೆಯುವ ಮೂಲಕ ಚಾಲನೆ ನೀಡಿ ಅವರು ಮಾತನಾಡಿದರು. ವಿಶ್ವವಿಖ್ಯಾತ ಗೋಳಗುಮ್ಮಟ, ಇಬ್ರಾಹಿಂ ರೋಜಾ, ಬಾರಾಕಮಾನ್, ಆಲಮಟ್ಟಿ ಜಲಾಶಯ ಸೇರಿದಂತೆ ಜಿಲ್ಲೆಯಲ್ಲಿ ಅನೇಕ ಐತಿಹಾಸಿಕ ಸ್ಮಾರಕಗಳಿದ್ದು, ಇವುಗಳನ್ನು ದೇಶ–ವಿದೇಶಗಳ ಪ್ರವಾಸಿಗರಿಗೆ ಪರಿಚಯಿಸುವ ಕಾರ್ಯವಾಗಬೇಕು. ಪ್ರವಾಸೋದ್ಯಮ ಅಭಿವೃದ್ಧಿಯಿಂದ ಸ್ಥಳೀಯರಿಗೆ ಉದ್ಯೋಗಾವಕಾಶಗಳು ಸೃಷ್ಟಿಯಾಗುತ್ತವೆ. ಜಿಲ್ಲೆಯ ಆರ್ಥಿಕತೆಗೆ ಬಲ ಬರುತ್ತದೆ ಎಂದರು. ಜಿಲ್ಲಾಧಿಕಾರಿ ಮಾತನಾಡಿ, ಜಿಲ್ಲೆಯ ಸ್ಮಾರಕಗಳ ಸಂರಕ್ಷಣೆಗೆ ಸಾರ್ವಜನಿಕರ ಸಹಕಾರ ಅಗತ್ಯ. ಸ್ವಚ್ಛತೆ ಕಾಪಾಡುವ ಮೂಲಕ ಪ್ರವಾಸಿಗರನ್ನು ಆಕರ್ಷಿಸಬೇಕು ಎಂದರು. ಇದೇ ಸಂದರ್ಭದಲ್ಲಿ ವಿದ್ಯಾರ್ಥಿಗಳಿಗಾಗಿ ಆಯೋಜಿಸಿದ್ದ ಪ್ರಬಂಧ, ಚಿತ್ರಕಲೆ, ರಸಪ್ರಶ್ನೆ ಸ್ಪರ್ಧೆಗಳ ವಿಜೇತರಿಗೆ ಬಹುಮಾನ ವಿತರಿಸಲಾಯಿತು. ಹೆರಿಟೇಜ್ ವಾಕ್‌ನಲ್ಲಿ ಪಾಲ್ಗೊಂಡವರಿಗೆ ಪ್ರಮಾಣಪತ್ರ ನೀಡಲಾಯಿತು. ಕಾರ್ಯಕ್ರಮದಲ್ಲಿ ಜಿಲ್ಲಾ ಪಂಚಾಯತ್ ಮುಖ್ಯ ಕಾರ್ಯನಿರ್ವಾಹಕ ಅಧಿಕಾರಿ, ಪ್ರವಾಸೋದ್ಯಮ ಇಲಾಖೆಯ ಉಪನಿರ್ದೇಶಕರು, ಪುರಾತತ್ವ ಇಲಾಖೆಯ ಅಧಿಕಾರಿಗಳು, ಟೂರ್ ಆಪರೇಟರ್‌ಗಳು, ಹೋಟೆಲ್ ಉದ್ಯಮಿಗಳು, ಗೈಡ್‌ಗಳು ಹಾಗೂ ವಿದ್ಯಾರ್ಥಿಗಳು ಉಪಸ್ಥಿತರಿದ್ದರು. ಸಾಂಸ್ಕೃತಿಕ ಕಾರ್ಯಕ್ರಮಗಳು ಗಮನ ಸೆಳೆದವು. ಕೊನೆಯಲ್ಲಿ ಎಲ್ಲರೂ ಪ್ರವಾಸೋದ್ಯಮ ಅಭಿವೃದ್ಧಿಗೆ ಸಹಕರಿಸುವುದಾಗಿ ಪ್ರತಿಜ್ಞೆ ಸ್ವೀಕರಿಸಿದರು.

ವಿಜಯಪುರ, ಸೆಪ್ಟೆಂಬರ್ 27 (ಕರ್ನಾಟಕ ವಾರ್ತೆ): ಬರಗಾಲ ಜಿಲ್ಲೆ ಎಂಬ ಹಣೆಪಟ್ಟಿ ಹೊತ್ತಿದ್ದ ವಿಜಯಪುರ ಜಿಲ್ಲೆಯು ಇಂದು ನೀರಾವರಿ ಹಾಗೂ ಪ್ರವಾಸೋದ್ಯಮ ಅಭಿವೃದ್ಧಿಯೊಂದಿಗೆ ಪರಿವರ್ತನೆಯೆಡೆಗೆ ಸಾಗುತ್ತಿದೆ ಎಂದು ನಾಗಠಾಣ ಶಾಸಕ ವಿಠ್ಠಲ ಕಟಕದೊಂಡ ಹೇಳಿದರು. ಜಿಲ್ಲಾಡಳಿತ ಹಾಗೂ ಪ್ರವಾಸೋದ್ಯಮ ಇಲಾಖೆಯ ಸಹಯೋಗದಲ್ಲಿ ನಗರದ ಕಂದಗಲ್ ಹನುಮಂತರಾಯ ರಂಗಮಂದಿರದಲ್ಲಿ ಹಮ್ಮಿಕೊಂಡಿದ್ದ ವಿಶ್ವ ಪ್ರವಾಸೋದ್ಯಮ ದಿನಾಚರಣೆ ಕಾರ್ಯಕ್ರಮಕ್ಕೆ ಸಸಿಗೆ ನೀರೆರೆಯುವ ಮೂಲಕ ಚಾಲನೆ ನೀಡಿ ಅವರು ಮಾತನಾಡಿದರು. ವಿಶ್ವವಿಖ್ಯಾತ ಗೋಳಗುಮ್ಮಟ, ಇಬ್ರಾಹಿಂ ರೋಜಾ, ಬಾರಾಕಮಾನ್, ಆಲಮಟ್ಟಿ ಜಲಾಶಯ ಸೇರಿದಂತೆ ಜಿಲ್ಲೆಯಲ್ಲಿ ಅನೇಕ ಐತಿಹಾಸಿಕ ಸ್ಮಾರಕಗಳಿದ್ದು, ಇವುಗಳನ್ನು ದೇಶ–ವಿದೇಶಗಳ ಪ್ರವಾಸಿಗರಿಗೆ ಪರಿಚಯಿಸುವ ಕಾರ್ಯವಾಗಬೇಕು. ಪ್ರವಾಸೋದ್ಯಮ ಅಭಿವೃದ್ಧಿಯಿಂದ ಸ್ಥಳೀಯರಿಗೆ ಉದ್ಯೋಗಾವಕಾಶಗಳು ಸೃಷ್ಟಿಯಾಗುತ್ತವೆ. ಜಿಲ್ಲೆಯ ಆರ್ಥಿಕತೆಗೆ ಬಲ ಬರುತ್ತದೆ ಎಂದರು. ಜಿಲ್ಲಾಧಿಕಾರಿ ಮಾತನಾಡಿ, ಜಿಲ್ಲೆಯ ಸ್ಮಾರಕಗಳ ಸಂರಕ್ಷಣೆಗೆ ಸಾರ್ವಜನಿಕರ ಸಹಕಾರ ಅಗತ್ಯ. ಸ್ವಚ್ಛತೆ ಕಾಪಾಡುವ ಮೂಲಕ ಪ್ರವಾಸಿಗರನ್ನು ಆಕರ್ಷಿಸಬೇಕು ಎಂದರು. ಇದೇ ಸಂದರ್ಭದಲ್ಲಿ ವಿದ್ಯಾರ್ಥಿಗಳಿಗಾಗಿ ಆಯೋಜಿಸಿದ್ದ ಪ್ರಬಂಧ, ಚಿತ್ರಕಲೆ, ರಸಪ್ರಶ್ನೆ ಸ್ಪರ್ಧೆಗಳ ವಿಜೇತರಿಗೆ ಬಹುಮಾನ ವಿತರಿಸಲಾಯಿತು. ಹೆರಿಟೇಜ್ ವಾಕ್‌ನಲ್ಲಿ ಪಾಲ್ಗೊಂಡವರಿಗೆ ಪ್ರಮಾಣಪತ್ರ ನೀಡಲಾಯಿತು. ಕಾರ್ಯಕ್ರಮದಲ್ಲಿ ಜಿಲ್ಲಾ ಪಂಚಾಯತ್ ಮುಖ್ಯ ಕಾರ್ಯನಿರ್ವಾಹಕ ಅಧಿಕಾರಿ, ಪ್ರವಾಸೋದ್ಯಮ ಇಲಾಖೆಯ ಉಪನಿರ್ದೇಶಕರು, ಪುರಾತತ್ವ ಇಲಾಖೆಯ ಅಧಿಕಾರಿಗಳು, ಟೂರ್ ಆಪರೇಟರ್‌ಗಳು, ಹೋಟೆಲ್ ಉದ್ಯಮಿಗಳು, ಗೈಡ್‌ಗಳು ಹಾಗೂ ವಿದ್ಯಾರ್ಥಿಗಳು ಉಪಸ್ಥಿತರಿದ್ದರು. ಸಾಂಸ್ಕೃತಿಕ ಕಾರ್ಯಕ್ರಮಗಳು ಗಮನ ಸೆಳೆದವು. ಕೊನೆಯಲ್ಲಿ ಎಲ್ಲರೂ ಪ್ರವಾಸೋದ್ಯಮ ಅಭಿವೃದ್ಧಿಗೆ ಸಹಕರಿಸುವುದಾಗಿ ಪ್ರತಿಜ್ಞೆ ಸ್ವೀಕರಿಸಿದರು.

ವಿಜಯಪುರ, ಸೆಪ್ಟೆಂಬರ್ 27 (ಕರ್ನಾಟಕ ವಾರ್ತೆ): ಬರಗಾಲ ಜಿಲ್ಲೆ ಎಂಬ ಹಣೆಪಟ್ಟಿ ಹೊತ್ತಿದ್ದ ವಿಜಯಪುರ ಜಿಲ್ಲೆಯು ಇಂದು ನೀರಾವರಿ ಹಾಗೂ ಪ್ರವಾಸೋದ್ಯಮ ಅಭಿವೃದ್ಧಿಯೊಂದಿಗೆ ಪರಿವರ್ತನೆಯೆಡೆಗೆ ಸಾಗುತ್ತಿದೆ ಎಂದು ನಾಗಠಾಣ ಶಾಸಕ ವಿಠ್ಠಲ ಕಟಕದೊಂಡ ಹೇಳಿದರು. ಜಿಲ್ಲಾಡಳಿತ ಹಾಗೂ ಪ್ರವಾಸೋದ್ಯಮ ಇಲಾಖೆಯ ಸಹಯೋಗದಲ್ಲಿ ನಗರದ ಕಂದಗಲ್ ಹನುಮಂತರಾಯ ರಂಗಮಂದಿರದಲ್ಲಿ ಹಮ್ಮಿಕೊಂಡಿದ್ದ ವಿಶ್ವ ಪ್ರವಾಸೋದ್ಯಮ ದಿನಾಚರಣೆ ಕಾರ್ಯಕ್ರಮಕ್ಕೆ ಸಸಿಗೆ ನೀರೆರೆಯುವ ಮೂಲಕ ಚಾಲನೆ ನೀಡಿ ಅವರು ಮಾತನಾಡಿದರು. ವಿಶ್ವವಿಖ್ಯಾತ ಗೋಳಗುಮ್ಮಟ, ಇಬ್ರಾಹಿಂ ರೋಜಾ, ಬಾರಾಕಮಾನ್, ಆಲಮಟ್ಟಿ ಜಲಾಶಯ ಸೇರಿದಂತೆ ಜಿಲ್ಲೆಯಲ್ಲಿ ಅನೇಕ ಐತಿಹಾಸಿಕ ಸ್ಮಾರಕಗಳಿದ್ದು, ಇವುಗಳನ್ನು ದೇಶ–ವಿದೇಶಗಳ ಪ್ರವಾಸಿಗರಿಗೆ ಪರಿಚಯಿಸುವ ಕಾರ್ಯವಾಗಬೇಕು. ಪ್ರವಾಸೋದ್ಯಮ ಅಭಿವೃದ್ಧಿಯಿಂದ ಸ್ಥಳೀಯರಿಗೆ ಉದ್ಯೋಗಾವಕಾಶಗಳು ಸೃಷ್ಟಿಯಾಗುತ್ತವೆ. ಜಿಲ್ಲೆಯ ಆರ್ಥಿಕತೆಗೆ ಬಲ ಬರುತ್ತದೆ ಎಂದರು. ಜಿಲ್ಲಾಧಿಕಾರಿ ಮಾತನಾಡಿ, ಜಿಲ್ಲೆಯ ಸ್ಮಾರಕಗಳ ಸಂರಕ್ಷಣೆಗೆ ಸಾರ್ವಜನಿಕರ ಸಹಕಾರ ಅಗತ್ಯ. ಸ್ವಚ್ಛತೆ ಕಾಪಾಡುವ ಮೂಲಕ ಪ್ರವಾಸಿಗರನ್ನು ಆಕರ್ಷಿಸಬೇಕು ಎಂದರು. ಇದೇ ಸಂದರ್ಭದಲ್ಲಿ ವಿದ್ಯಾರ್ಥಿಗಳಿಗಾಗಿ ಆಯೋಜಿಸಿದ್ದ ಪ್ರಬಂಧ, ಚಿತ್ರಕಲೆ, ರಸಪ್ರಶ್ನೆ ಸ್ಪರ್ಧೆಗಳ ವಿಜೇತರಿಗೆ ಬಹುಮಾನ ವಿತರಿಸಲಾಯಿತು. ಹೆರಿಟೇಜ್ ವಾಕ್‌ನಲ್ಲಿ ಪಾಲ್ಗೊಂಡವರಿಗೆ ಪ್ರಮಾಣಪತ್ರ ನೀಡಲಾಯಿತು. ಕಾರ್ಯಕ್ರಮದಲ್ಲಿ ಜಿಲ್ಲಾ ಪಂಚಾಯತ್ ಮುಖ್ಯ ಕಾರ್ಯನಿರ್ವಾಹಕ ಅಧಿಕಾರಿ, ಪ್ರವಾಸೋದ್ಯಮ ಇಲಾಖೆಯ ಉಪನಿರ್ದೇಶಕರು, ಪುರಾತತ್ವ ಇಲಾಖೆಯ ಅಧಿಕಾರಿಗಳು, ಟೂರ್ ಆಪರೇಟರ್‌ಗಳು, ಹೋಟೆಲ್ ಉದ್ಯಮಿಗಳು, ಗೈಡ್‌ಗಳು ಹಾಗೂ ವಿದ್ಯಾರ್ಥಿಗಳು ಉಪಸ್ಥಿತರಿದ್ದರು. ಸಾಂಸ್ಕೃತಿಕ ಕಾರ್ಯಕ್ರಮಗಳು ಗಮನ ಸೆಳೆದವು. ಕೊನೆಯಲ್ಲಿ ಎಲ್ಲರೂ ಪ್ರವಾಸೋದ್ಯಮ ಅಭಿವೃದ್ಧಿಗೆ ಸಹಕರಿಸುವುದಾಗಿ ಪ್ರತಿಜ್ಞೆ ಸ್ವೀಕರಿಸಿದರು.
